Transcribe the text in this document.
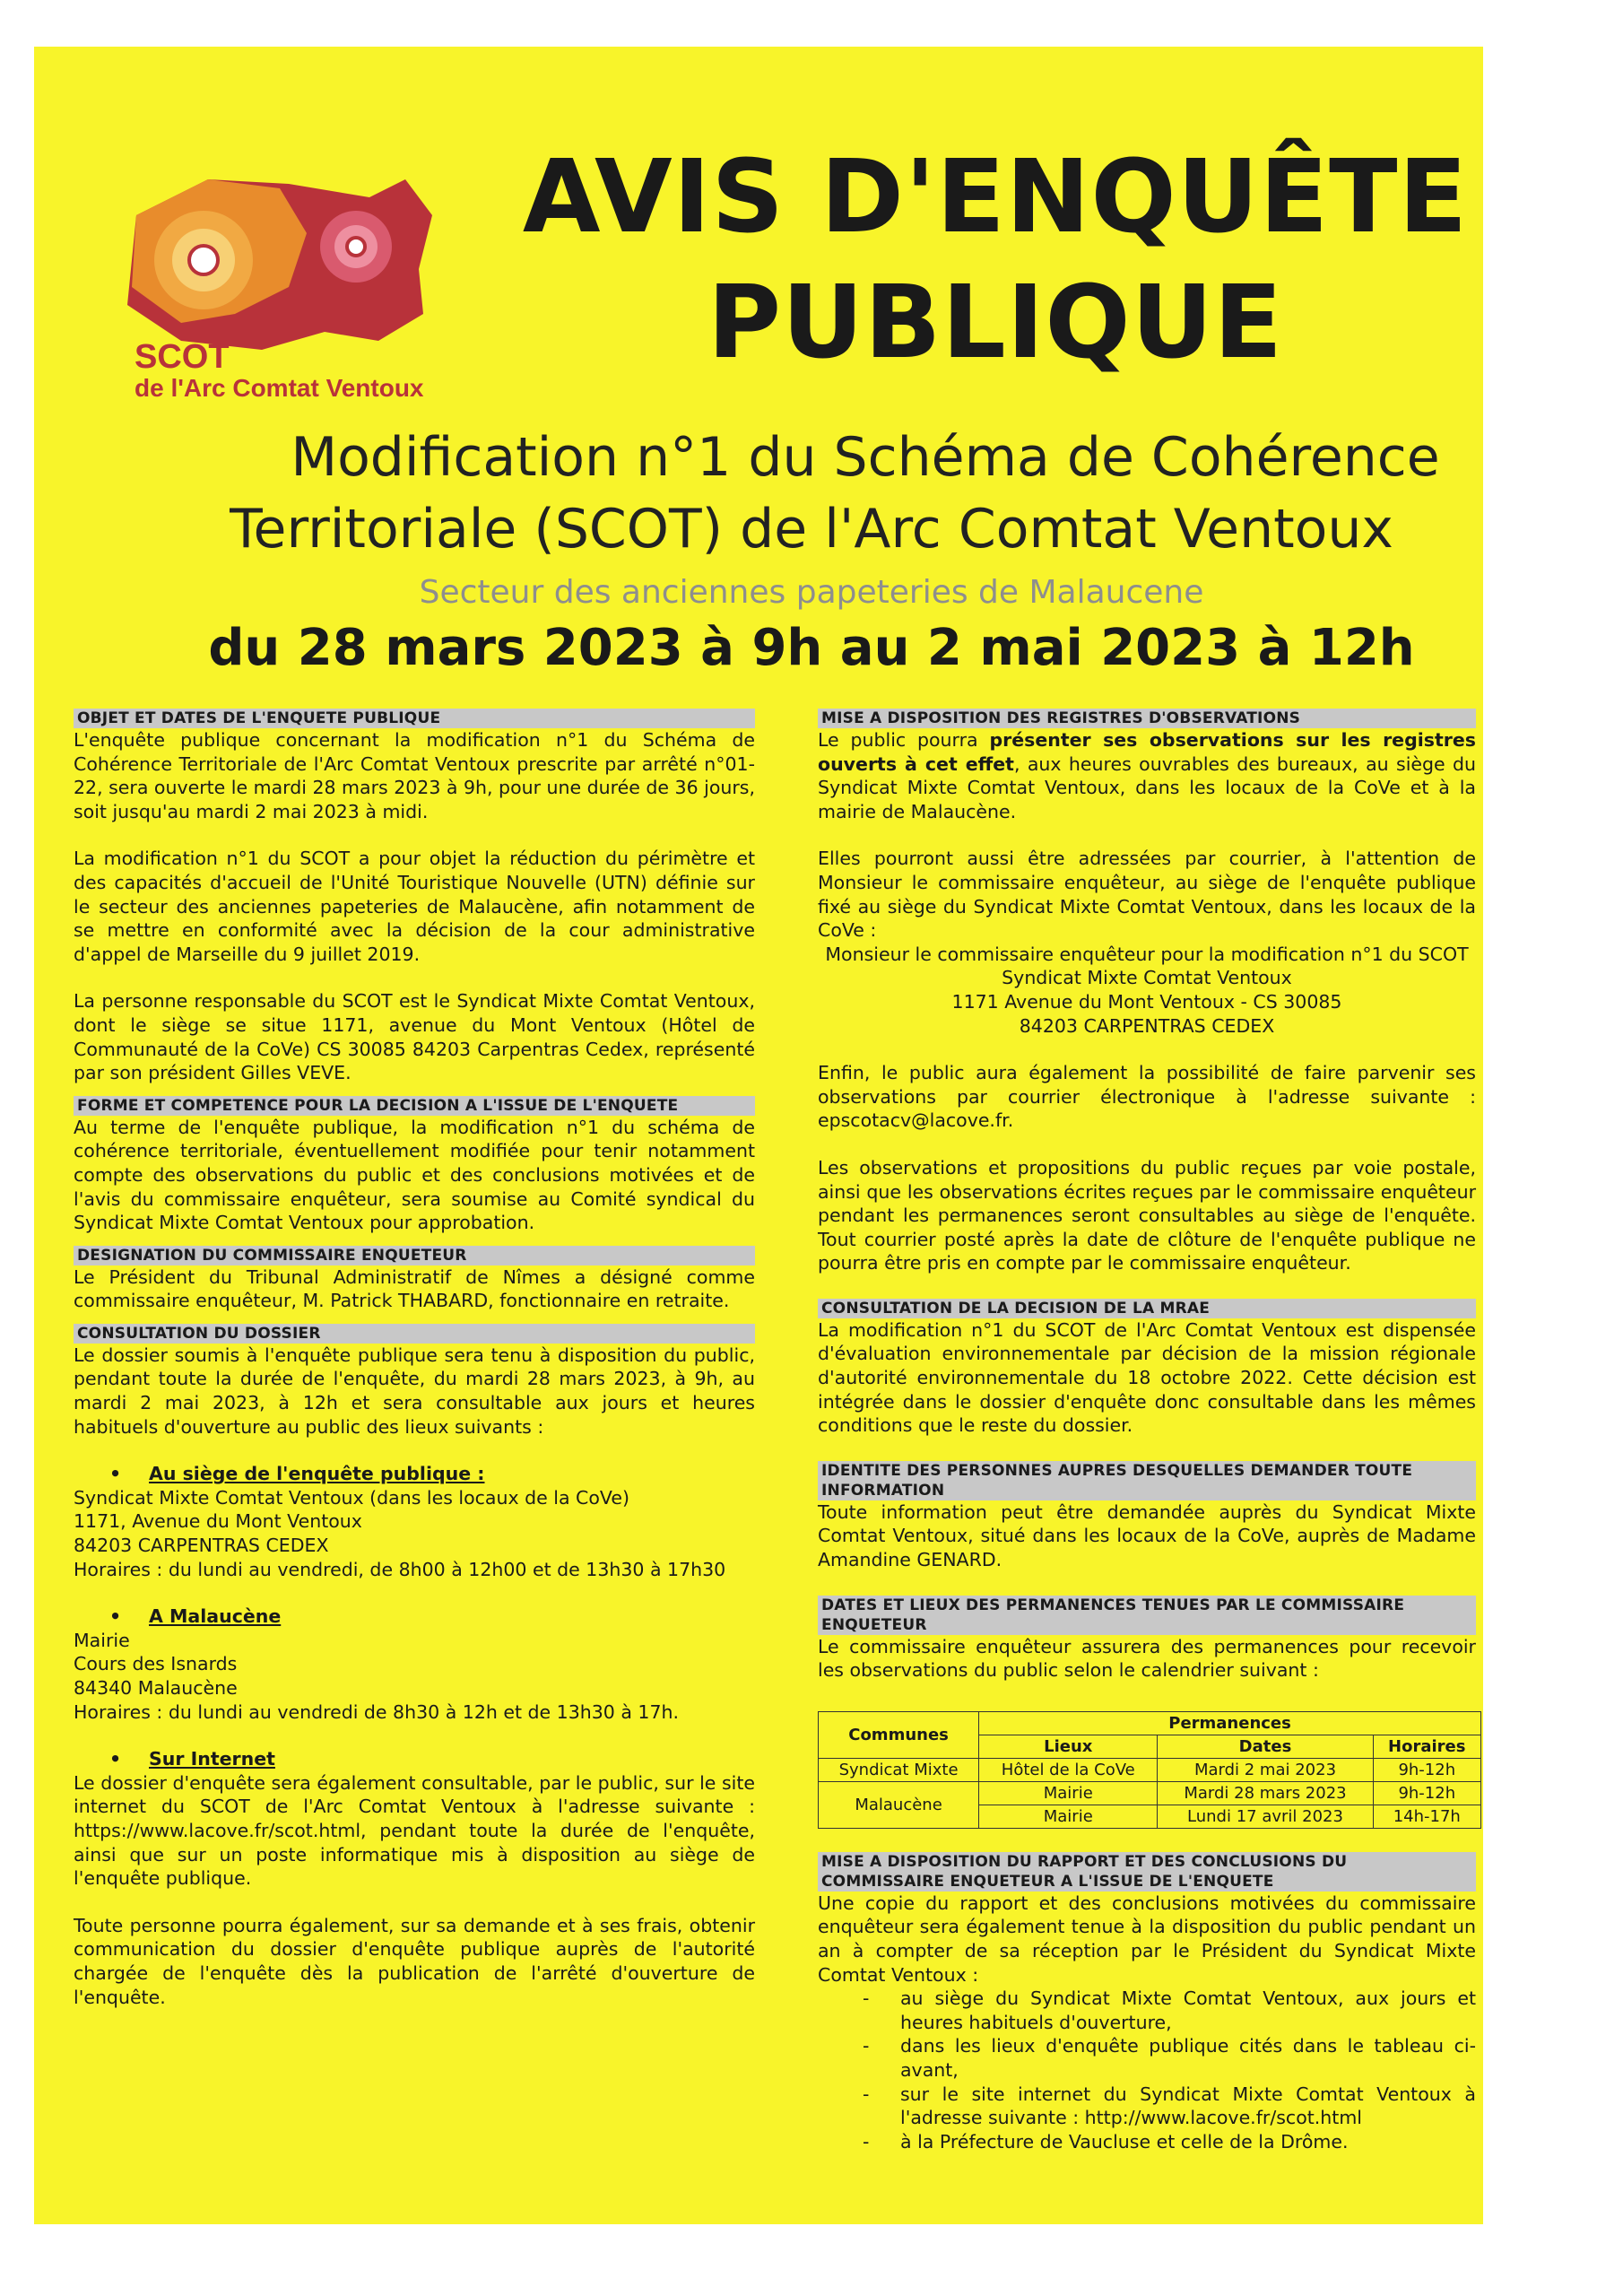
SCOT
de l'Arc Comtat Ventoux
AVIS D'ENQUÊTE
PUBLIQUE
Modification n°1 du Schéma de Cohérence
Territoriale (SCOT) de l'Arc Comtat Ventoux
Secteur des anciennes papeteries de Malaucene
du 28 mars 2023 à 9h au 2 mai 2023 à 12h
OBJET ET DATES DE L'ENQUETE PUBLIQUE

L'enquête publique concernant la modification n°1 du Schéma de Cohérence Territoriale de l'Arc Comtat Ventoux prescrite par arrêté n°01-22, sera ouverte le mardi 28 mars 2023 à 9h, pour une durée de 36 jours, soit jusqu'au mardi 2 mai 2023 à midi.

La modification n°1 du SCOT a pour objet la réduction du périmètre et des capacités d'accueil de l'Unité Touristique Nouvelle (UTN) définie sur le secteur des anciennes papeteries de Malaucène, afin notamment de se mettre en conformité avec la décision de la cour administrative d'appel de Marseille du 9 juillet 2019.

La personne responsable du SCOT est le Syndicat Mixte Comtat Ventoux, dont le siège se situe 1171, avenue du Mont Ventoux (Hôtel de Communauté de la CoVe) CS 30085 84203 Carpentras Cedex, représenté par son président Gilles VEVE.

FORME ET COMPETENCE POUR LA DECISION A L'ISSUE DE L'ENQUETE

Au terme de l'enquête publique, la modification n°1 du schéma de cohérence territoriale, éventuellement modifiée pour tenir notamment compte des observations du public et des conclusions motivées et de l'avis du commissaire enquêteur, sera soumise au Comité syndical du Syndicat Mixte Comtat Ventoux pour approbation.

DESIGNATION DU COMMISSAIRE ENQUETEUR

Le Président du Tribunal Administratif de Nîmes a désigné comme commissaire enquêteur, M. Patrick THABARD, fonctionnaire en retraite.

CONSULTATION DU DOSSIER

Le dossier soumis à l'enquête publique sera tenu à disposition du public, pendant toute la durée de l'enquête, du mardi 28 mars 2023, à 9h, au mardi 2 mai 2023, à 12h et sera consultable aux jours et heures habituels d'ouverture au public des lieux suivants :

• Au siège de l'enquête publique :
Syndicat Mixte Comtat Ventoux (dans les locaux de la CoVe)
1171, Avenue du Mont Ventoux
84203 CARPENTRAS CEDEX
Horaires : du lundi au vendredi, de 8h00 à 12h00 et de 13h30 à 17h30
• A Malaucène
Mairie
Cours des Isnards
84340 Malaucène
Horaires : du lundi au vendredi de 8h30 à 12h et de 13h30 à 17h.
• Sur Internet

Le dossier d'enquête sera également consultable, par le public, sur le site internet du SCOT de l'Arc Comtat Ventoux à l'adresse suivante : https://www.lacove.fr/scot.html, pendant toute la durée de l'enquête, ainsi que sur un poste informatique mis à disposition au siège de l'enquête publique.

Toute personne pourra également, sur sa demande et à ses frais, obtenir communication du dossier d'enquête publique auprès de l'autorité chargée de l'enquête dès la publication de l'arrêté d'ouverture de l'enquête.

MISE A DISPOSITION DES REGISTRES D'OBSERVATIONS

Le public pourra présenter ses observations sur les registres ouverts à cet effet, aux heures ouvrables des bureaux, au siège du Syndicat Mixte Comtat Ventoux, dans les locaux de la CoVe et à la mairie de Malaucène.

Elles pourront aussi être adressées par courrier, à l'attention de Monsieur le commissaire enquêteur, au siège de l'enquête publique fixé au siège du Syndicat Mixte Comtat Ventoux, dans les locaux de la CoVe :

Monsieur le commissaire enquêteur pour la modification n°1 du SCOT
Syndicat Mixte Comtat Ventoux
1171 Avenue du Mont Ventoux - CS 30085
84203 CARPENTRAS CEDEX

Enfin, le public aura également la possibilité de faire parvenir ses observations par courrier électronique à l'adresse suivante : epscotacv@lacove.fr.

Les observations et propositions du public reçues par voie postale, ainsi que les observations écrites reçues par le commissaire enquêteur pendant les permanences seront consultables au siège de l'enquête. Tout courrier posté après la date de clôture de l'enquête publique ne pourra être pris en compte par le commissaire enquêteur.

CONSULTATION DE LA DECISION DE LA MRAE

La modification n°1 du SCOT de l'Arc Comtat Ventoux est dispensée d'évaluation environnementale par décision de la mission régionale d'autorité environnementale du 18 octobre 2022. Cette décision est intégrée dans le dossier d'enquête donc consultable dans les mêmes conditions que le reste du dossier.

IDENTITE DES PERSONNES AUPRES DESQUELLES DEMANDER TOUTE INFORMATION

Toute information peut être demandée auprès du Syndicat Mixte Comtat Ventoux, situé dans les locaux de la CoVe, auprès de Madame Amandine GENARD.

DATES ET LIEUX DES PERMANENCES TENUES PAR LE COMMISSAIRE ENQUETEUR

Le commissaire enquêteur assurera des permanences pour recevoir les observations du public selon le calendrier suivant :

Communes	Permanences		
	Lieux	Dates	Horaires
Syndicat Mixte	Hôtel de la CoVe	Mardi 2 mai 2023	9h-12h
Malaucène	Mairie	Mardi 28 mars 2023	9h-12h
	Mairie	Lundi 17 avril 2023	14h-17h
MISE A DISPOSITION DU RAPPORT ET DES CONCLUSIONS DU COMMISSAIRE ENQUETEUR A L'ISSUE DE L'ENQUETE

Une copie du rapport et des conclusions motivées du commissaire enquêteur sera également tenue à la disposition du public pendant un an à compter de sa réception par le Président du Syndicat Mixte Comtat Ventoux :

- au siège du Syndicat Mixte Comtat Ventoux, aux jours et heures habituels d'ouverture,
- dans les lieux d'enquête publique cités dans le tableau ci-avant,
- sur le site internet du Syndicat Mixte Comtat Ventoux à l'adresse suivante : http://www.lacove.fr/scot.html
- à la Préfecture de Vaucluse et celle de la Drôme.
